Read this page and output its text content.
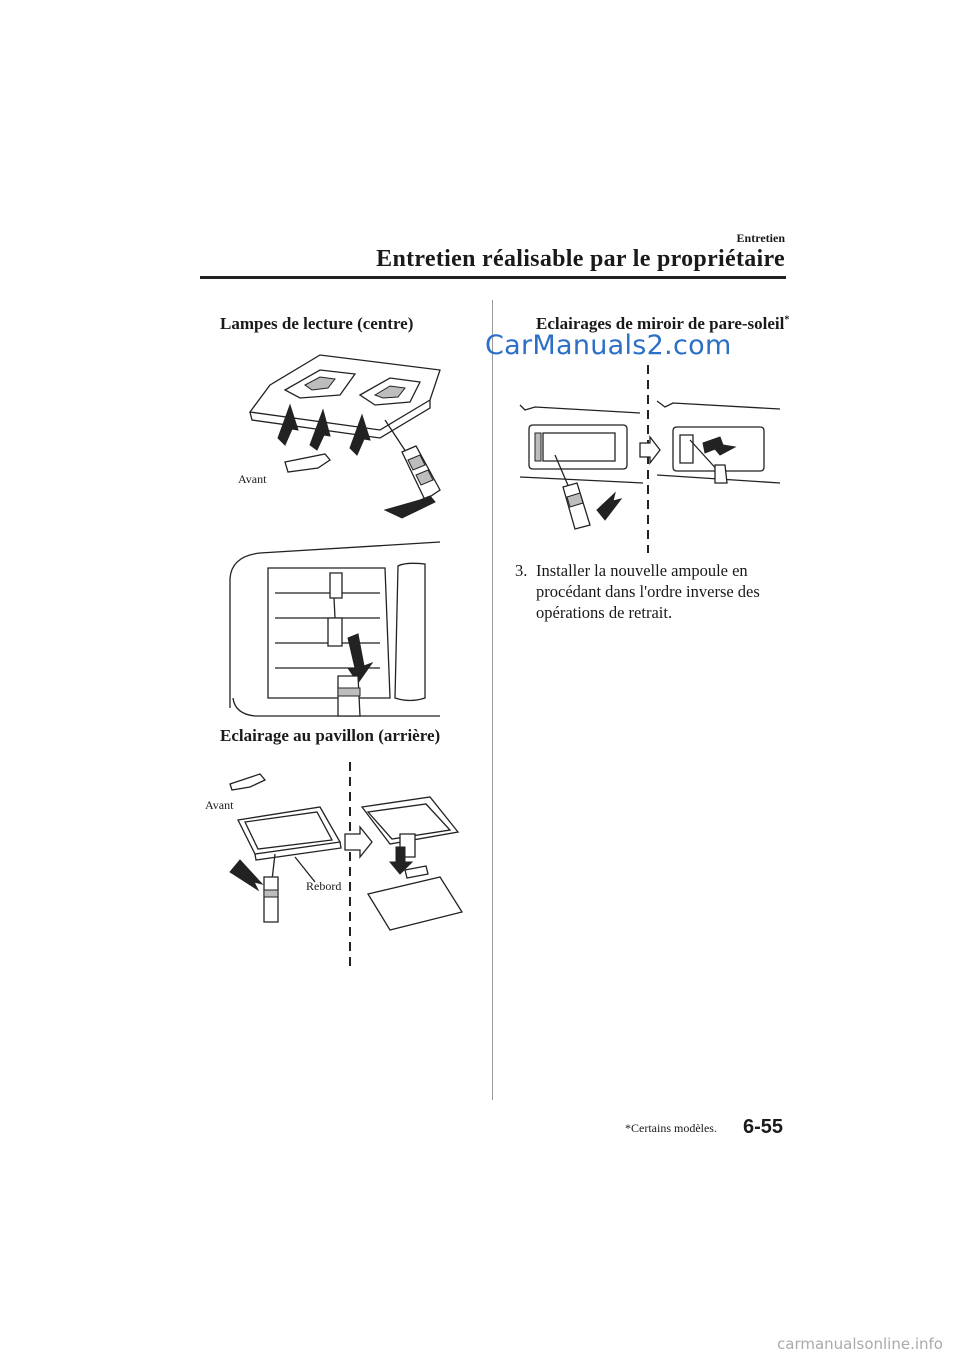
Entretien
Entretien réalisable par le propriétaire
Lampes de lecture (centre)
Avant
Eclairage au pavillon (arrière)
Avant
Rebord
Eclairages de miroir de pare-soleil*
CarManuals2.com
3. Installer la nouvelle ampoule en
procédant dans l'ordre inverse des
opérations de retrait.
*Certains modèles. 6-55
carmanualsonline.info
